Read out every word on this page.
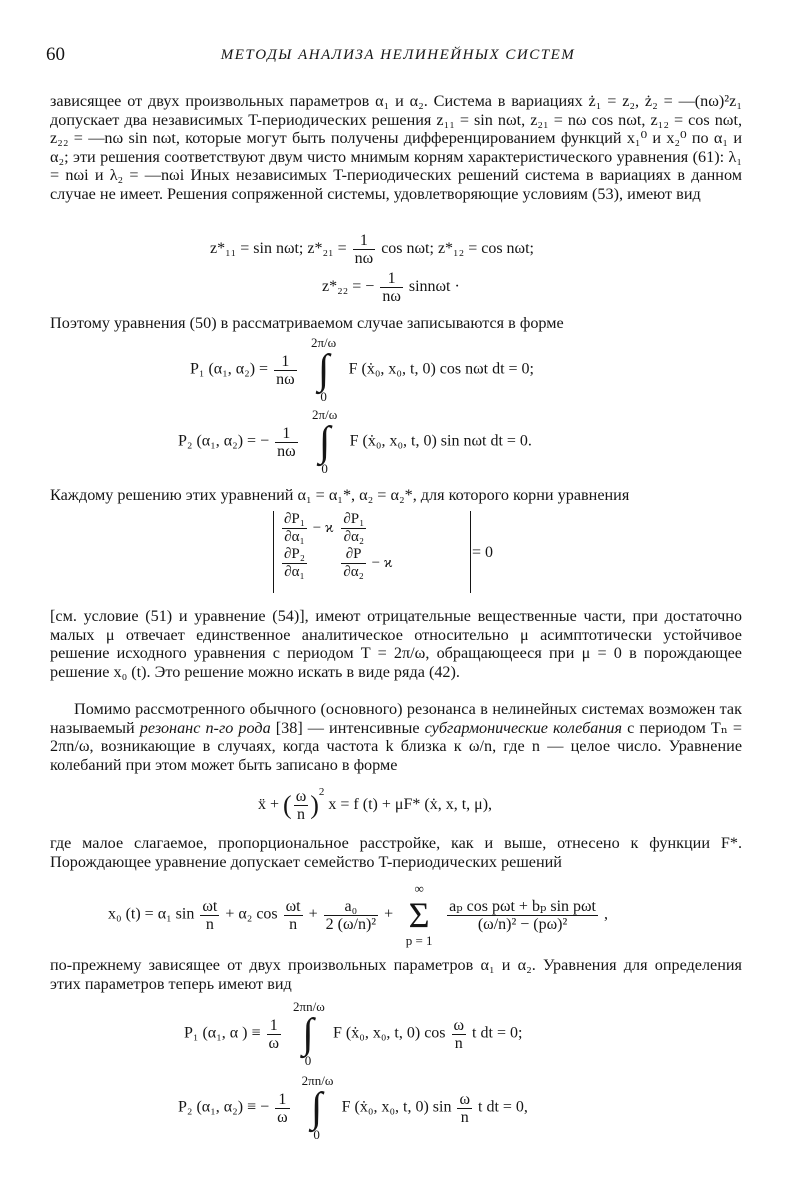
60	МЕТОДЫ АНАЛИЗА НЕЛИНЕЙНЫХ СИСТЕМ

зависящее от двух произвольных параметров α₁ и α₂. Система в вариациях ż₁ = z₂, ż₂ = —(nω)²z₁ допускает два независимых T-периодических решения z₁₁ = sin nωt, z₂₁ = nω cos nωt, z₁₂ = cos nωt, z₂₂ = —nω sin nωt, которые могут быть получены дифференцированием функций x₁⁰ и x₂⁰ по α₁ и α₂; эти решения соответствуют двум чисто мнимым корням характеристического уравнения (61): λ₁ = nωi и λ₂ = —nωi Иных независимых T-периодических решений система в вариациях в данном случае не имеет. Решения сопряженной системы, удовлетворяющие условиям (53), имеют вид

z*₁₁ = sin nωt; $z*_{21} = \frac{1}{n\omega}$ cos nωt; z*₁₂ = cos nωt;
z*₂₂ = − $\frac{1}{n\omega}$ sinnωt ·

Поэтому уравнения (50) в рассматриваемом случае записываются в форме

P₁ (α₁, $\alpha_2) = \frac{1}{n\omega}$

2π/ω
∫
0
F (ẋ₀, x₀, t, 0) cos nωt dt = 0;
P₂ (α₁, α₂) = − $\frac{1}{n\omega}$

2π/ω
∫
0
F (ẋ₀, x₀, t, 0) sin nωt dt = 0.

Каждому решению этих уравнений α₁ = α₁*, α₂ = α₂*, для которого корни уравнения

$\frac{\text{∂P₁}}{\text{∂α₁}} - ϰ$	$\frac{\text{∂P₁}}{\text{∂α₂}}$

$\frac{\text{∂P₂}}{\text{∂α₁}}$	$\frac{\partial P}{\text{∂α₂}} - ϰ$
= 0

[см. условие (51) и уравнение (54)], имеют отрицательные вещественные части, при достаточно малых μ отвечает единственное аналитическое относительно μ асимптотически устойчивое решение исходного уравнения с периодом T = 2π/ω, обращающееся при μ = 0 в порождающее решение x₀ (t). Это решение можно искать в виде ряда (42).

Помимо рассмотренного обычного (основного) резонанса в нелинейных системах возможен так называемый резонанс n-го рода [38] — интенсивные субгармонические колебания с периодом Tₙ = 2πn/ω, возникающие в случаях, когда частота k близка к ω/n, где n — целое число. Уравнение колебаний при этом может быть записано в форме

ẍ + ( $\frac{\omega}{n} )^2$ x = f (t) + μF* (ẋ, x, t, μ),

где малое слагаемое, пропорциональное расстройке, как и выше, отнесено к функции F*. Порождающее уравнение допускает семейство T-периодических решений

x₀ (t) = α₁ $\sin \frac{\omega t}{n} + \alpha_2$ $\cos \frac{\omega t}{n} + \frac{\text{a₀}}{\text{2 (ω/n)²}}$ +
∞
Σ
p = 1

$\frac{\text{aₚ cos pωt + bₚ sin pωt}}{\text{(ω/n)² − (pω)²}}$ ,

по-прежнему зависящее от двух произвольных параметров α₁ и α₂. Уравнения для определения этих параметров теперь имеют вид

P₁ (α₁, α ) ≡ $\frac{1}{\omega}$

2πn/ω
∫
0
F (ẋ₀, x₀, t, 0) $\cos \frac{\omega}{n}$ t dt = 0;
P₂ (α₁, α₂) ≡ − $\frac{1}{\omega}$

2πn/ω
∫
0
F (ẋ₀, x₀, t, 0) $\sin \frac{\omega}{n}$ t dt = 0,
